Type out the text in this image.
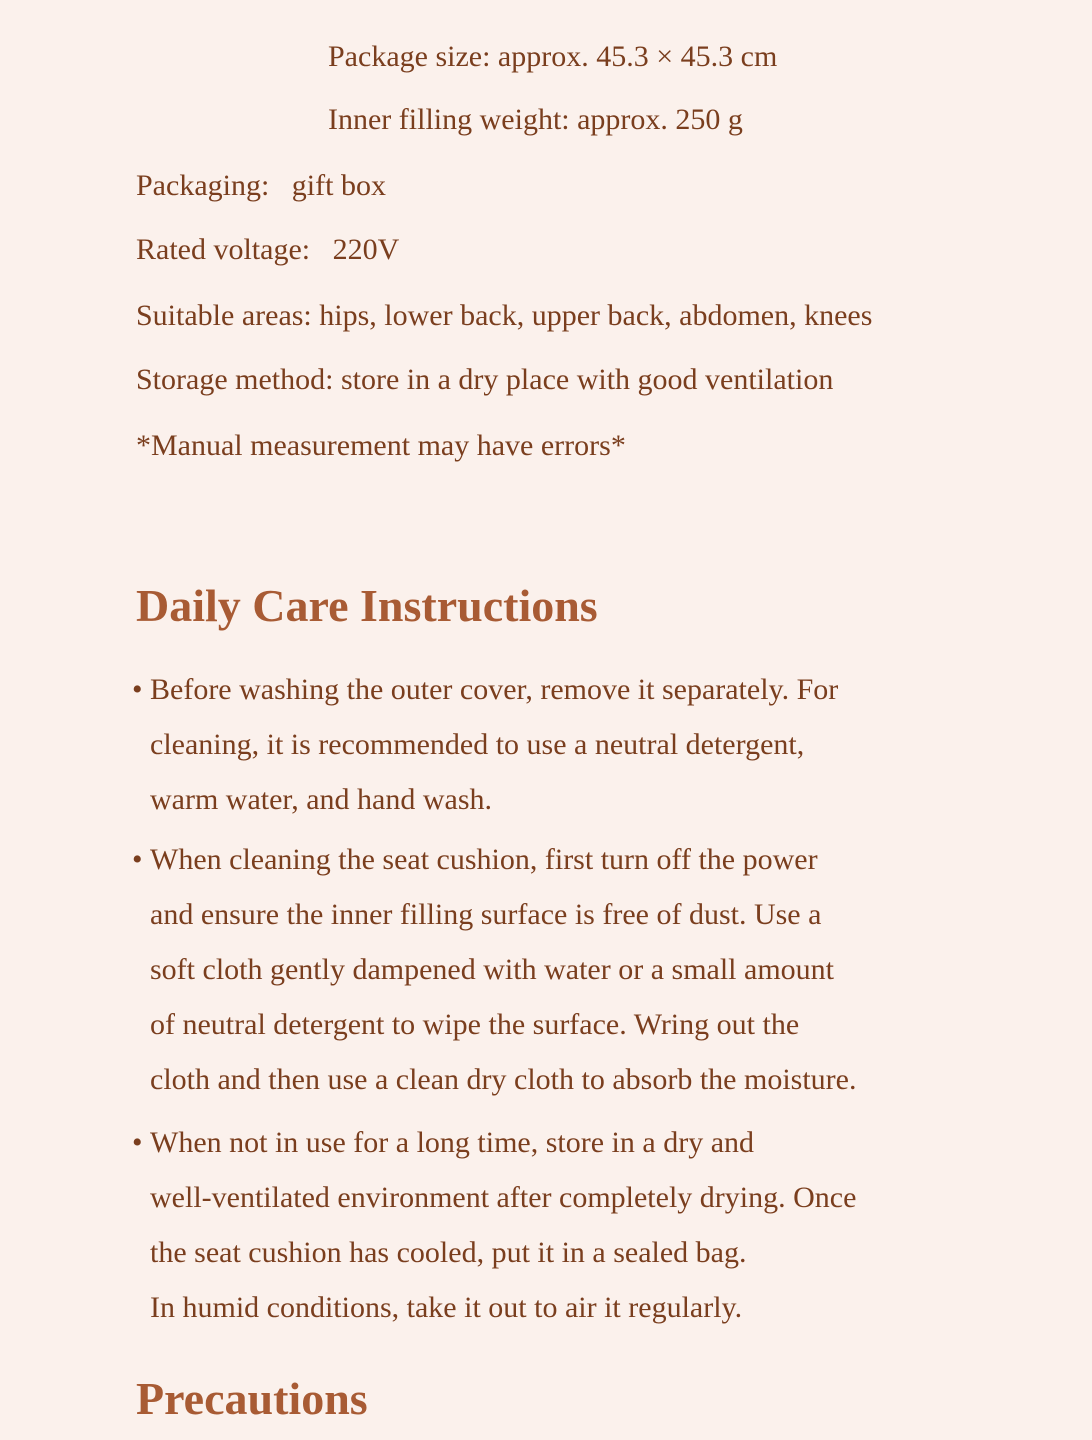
Package size: approx. 45.3 × 45.3 cm
Inner filling weight: approx. 250 g
Packaging:   gift box
Rated voltage:   220V
Suitable areas: hips, lower back, upper back, abdomen, knees
Storage method: store in a dry place with good ventilation
*Manual measurement may have errors*
Daily Care Instructions
• Before washing the outer cover, remove it separately. For
cleaning, it is recommended to use a neutral detergent,
warm water, and hand wash.
• When cleaning the seat cushion, first turn off the power
and ensure the inner filling surface is free of dust. Use a
soft cloth gently dampened with water or a small amount
of neutral detergent to wipe the surface. Wring out the
cloth and then use a clean dry cloth to absorb the moisture.
• When not in use for a long time, store in a dry and
well-ventilated environment after completely drying. Once
the seat cushion has cooled, put it in a sealed bag.
In humid conditions, take it out to air it regularly.
Precautions
